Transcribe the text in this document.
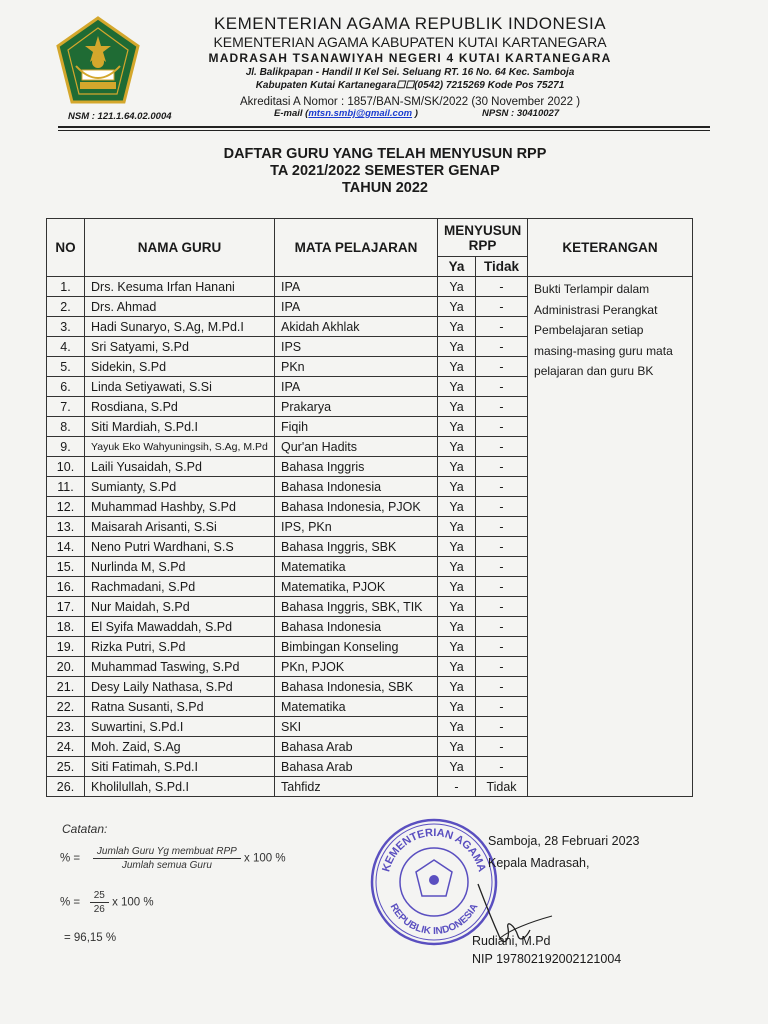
KEMENTERIAN AGAMA REPUBLIK INDONESIA
KEMENTERIAN AGAMA KABUPATEN KUTAI KARTANEGARA
MADRASAH TSANAWIYAH NEGERI 4 KUTAI KARTANEGARA
Jl. Balikpapan - Handil II Kel Sei. Seluang RT. 16 No. 64 Kec. Samboja
Kabupaten Kutai Kartanegara☐☐(0542) 7215269 Kode Pos 75271
Akreditasi A Nomor : 1857/BAN-SM/SK/2022 (30 November 2022 )
NSM : 121.1.64.02.0004	E-mail (mtsn.smbj@gmail.com )	NPSN : 30410027
DAFTAR GURU YANG TELAH MENYUSUN RPP
TA 2021/2022 SEMESTER GENAP
TAHUN 2022
NO	NAMA GURU	MATA PELAJARAN	MENYUSUN RPP		KETERANGAN
			Ya	Tidak	
1.	Drs. Kesuma Irfan Hanani	IPA	Ya	-	Bukti Terlampir dalam Administrasi Perangkat Pembelajaran setiap masing-masing guru mata pelajaran dan guru BK
2.	Drs. Ahmad	IPA	Ya	-	
3.	Hadi Sunaryo, S.Ag, M.Pd.I	Akidah Akhlak	Ya	-	
4.	Sri Satyami, S.Pd	IPS	Ya	-	
5.	Sidekin, S.Pd	PKn	Ya	-	
6.	Linda Setiyawati, S.Si	IPA	Ya	-	
7.	Rosdiana, S.Pd	Prakarya	Ya	-	
8.	Siti Mardiah, S.Pd.I	Fiqih	Ya	-	
9.	Yayuk Eko Wahyuningsih, S.Ag, M.Pd	Qur'an Hadits	Ya	-	
10.	Laili Yusaidah, S.Pd	Bahasa Inggris	Ya	-	
11.	Sumianty, S.Pd	Bahasa Indonesia	Ya	-	
12.	Muhammad Hashby, S.Pd	Bahasa Indonesia, PJOK	Ya	-	
13.	Maisarah Arisanti, S.Si	IPS, PKn	Ya	-	
14.	Neno Putri Wardhani, S.S	Bahasa Inggris, SBK	Ya	-	
15.	Nurlinda M, S.Pd	Matematika	Ya	-	
16.	Rachmadani, S.Pd	Matematika, PJOK	Ya	-	
17.	Nur Maidah, S.Pd	Bahasa Inggris, SBK, TIK	Ya	-	
18.	El Syifa Mawaddah, S.Pd	Bahasa Indonesia	Ya	-	
19.	Rizka Putri, S.Pd	Bimbingan Konseling	Ya	-	
20.	Muhammad Taswing, S.Pd	PKn, PJOK	Ya	-	
21.	Desy Laily Nathasa, S.Pd	Bahasa Indonesia, SBK	Ya	-	
22.	Ratna Susanti, S.Pd	Matematika	Ya	-	
23.	Suwartini, S.Pd.I	SKI	Ya	-	
24.	Moh. Zaid, S.Ag	Bahasa Arab	Ya	-	
25.	Siti Fatimah, S.Pd.I	Bahasa Arab	Ya	-	
26.	Kholilullah, S.Pd.I	Tahfidz	-	Tidak	
Catatan:
% = $\frac{\text{Jumlah Guru Yg membuat RPP}}{\text{Jumlah semua Guru}}$ x 100 %
% = $\frac{25}{26}$ x 100 %
= 96,15 %
KEMENTERIAN AGAMA
REPUBLIK INDONESIA
Samboja, 28 Februari 2023
Kepala Madrasah,
Rudiani, M.Pd
NIP 197802192002121004
